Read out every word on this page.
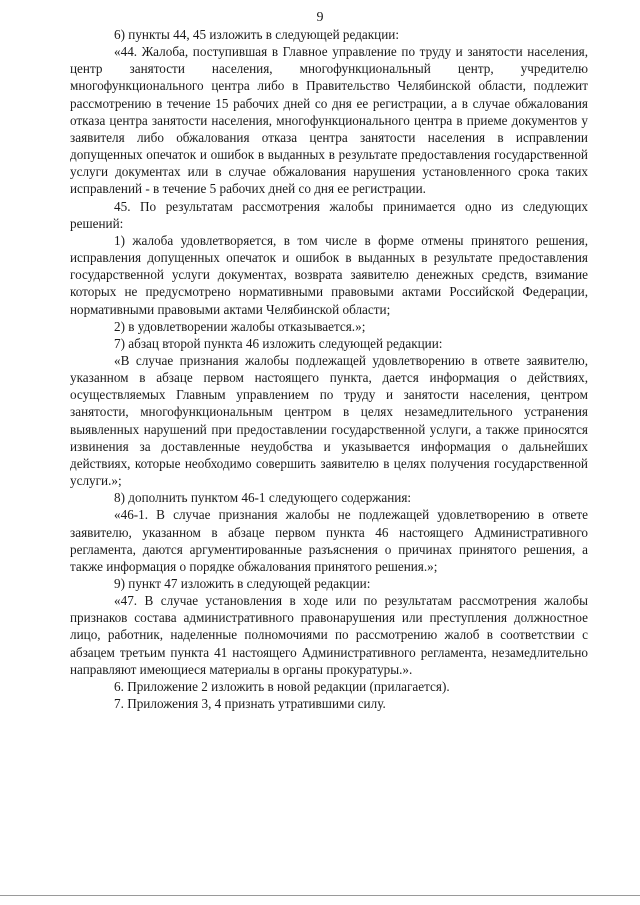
9

6) пункты 44, 45 изложить в следующей редакции:

«44. Жалоба, поступившая в Главное управление по труду и занятости населения, центр занятости населения, многофункциональный центр, учредителю многофункционального центра либо в Правительство Челябинской области, подлежит рассмотрению в течение 15 рабочих дней со дня ее регистрации, а в случае обжалования отказа центра занятости населения, многофункционального центра в приеме документов у заявителя либо обжалования отказа центра занятости населения в исправлении допущенных опечаток и ошибок в выданных в результате предоставления государственной услуги документах или в случае обжалования нарушения установленного срока таких исправлений - в течение 5 рабочих дней со дня ее регистрации.

45. По результатам рассмотрения жалобы принимается одно из следующих решений:

1) жалоба удовлетворяется, в том числе в форме отмены принятого решения, исправления допущенных опечаток и ошибок в выданных в результате предоставления государственной услуги документах, возврата заявителю денежных средств, взимание которых не предусмотрено нормативными правовыми актами Российской Федерации, нормативными правовыми актами Челябинской области;

2) в удовлетворении жалобы отказывается.»;

7) абзац второй пункта 46 изложить следующей редакции:

«В случае признания жалобы подлежащей удовлетворению в ответе заявителю, указанном в абзаце первом настоящего пункта, дается информация о действиях, осуществляемых Главным управлением по труду и занятости населения, центром занятости, многофункциональным центром в целях незамедлительного устранения выявленных нарушений при предоставлении государственной услуги, а также приносятся извинения за доставленные неудобства и указывается информация о дальнейших действиях, которые необходимо совершить заявителю в целях получения государственной услуги.»;

8) дополнить пунктом 46-1 следующего содержания:

«46-1. В случае признания жалобы не подлежащей удовлетворению в ответе заявителю, указанном в абзаце первом пункта 46 настоящего Административного регламента, даются аргументированные разъяснения о причинах принятого решения, а также информация о порядке обжалования принятого решения.»;

9) пункт 47 изложить в следующей редакции:

«47. В случае установления в ходе или по результатам рассмотрения жалобы признаков состава административного правонарушения или преступления должностное лицо, работник, наделенные полномочиями по рассмотрению жалоб в соответствии с абзацем третьим пункта 41 настоящего Административного регламента, незамедлительно направляют имеющиеся материалы в органы прокуратуры.».

6. Приложение 2 изложить в новой редакции (прилагается).

7. Приложения 3, 4 признать утратившими силу.
